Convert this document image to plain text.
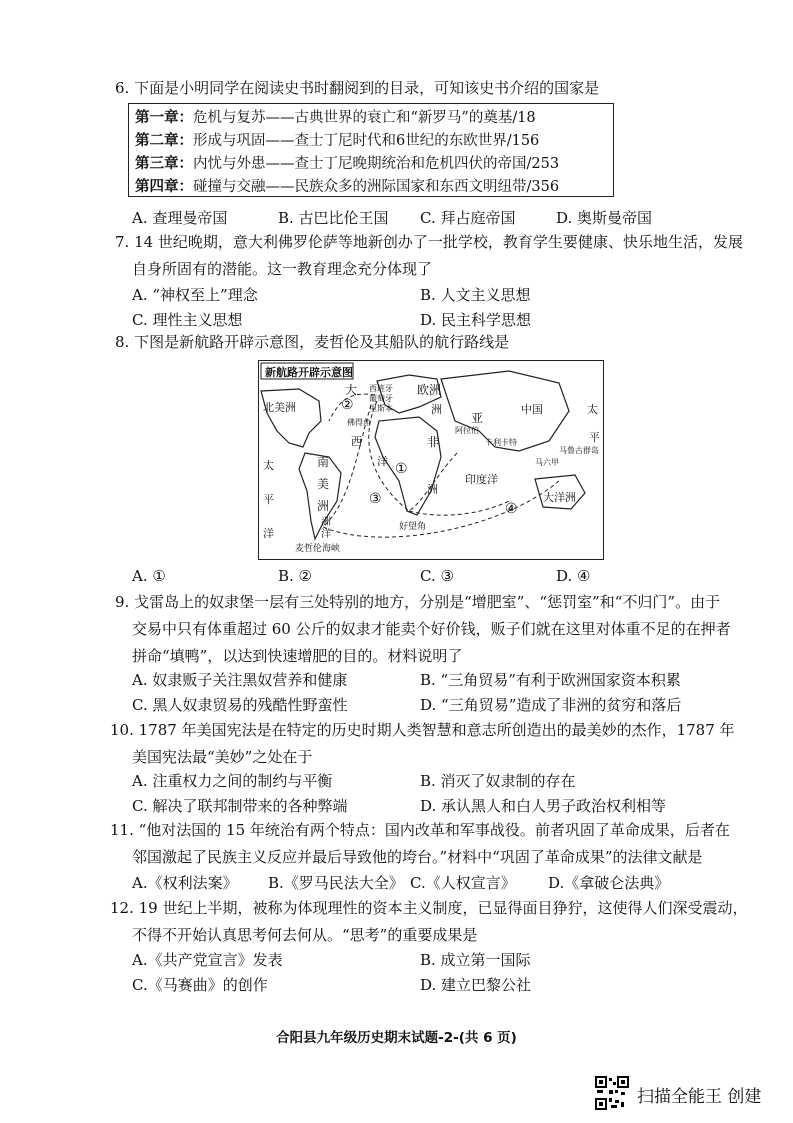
6. 下面是小明同学在阅读史书时翻阅到的目录，可知该史书介绍的国家是
第一章：危机与复苏——古典世界的衰亡和“新罗马”的奠基/18
第二章：形成与巩固——查士丁尼时代和6世纪的东欧世界/156
第三章：内忧与外患——查士丁尼晚期统治和危机四伏的帝国/253
第四章：碰撞与交融——民族众多的洲际国家和东西文明纽带/356
A. 查理曼帝国	B. 古巴比伦王国 C. 拜占庭帝国	D. 奥斯曼帝国
7. 14 世纪晚期，意大利佛罗伦萨等地新创办了一批学校，教育学生要健康、快乐地生活，发展
自身所固有的潜能。这一教育理念充分体现了
A. “神权至上”理念	B. 人文主义思想
C. 理性主义思想	D. 民主科学思想
8. 下图是新航路开辟示意图，麦哲伦及其船队的航行路线是
新航路开辟示意图
北美洲
大	欧洲
洲	中国	太
亚
西
洋
非	平
南
美
洲
洲
印度洋
大洋洲
太
平
洋	好望角
麦哲伦海峡
阿拉伯
卡利卡特
马六甲
马鲁古群岛
西班牙
葡萄牙
里斯本
佛得角
洲
洋
①
②
③
④
A. ①	B. ②	C. ③	D. ④
9. 戈雷岛上的奴隶堡一层有三处特别的地方，分别是“增肥室”、“惩罚室”和“不归门”。由于
交易中只有体重超过 60 公斤的奴隶才能卖个好价钱，贩子们就在这里对体重不足的在押者
拼命“填鸭”，以达到快速增肥的目的。材料说明了
A. 奴隶贩子关注黑奴营养和健康	B. “三角贸易”有利于欧洲国家资本积累
C. 黑人奴隶贸易的残酷性野蛮性	D. “三角贸易”造成了非洲的贫穷和落后
10. 1787 年美国宪法是在特定的历史时期人类智慧和意志所创造出的最美妙的杰作，1787 年
美国宪法最“美妙”之处在于
A. 注重权力之间的制约与平衡	B. 消灭了奴隶制的存在
C. 解决了联邦制带来的各种弊端	D. 承认黑人和白人男子政治权利相等
11. “他对法国的 15 年统治有两个特点：国内改革和军事战役。前者巩固了革命成果，后者在
邻国激起了民族主义反应并最后导致他的垮台。”材料中“巩固了革命成果”的法律文献是
A.《权利法案》 B.《罗马民法大全》 C.《人权宣言》 D.《拿破仑法典》
12. 19 世纪上半期，被称为体现理性的资本主义制度，已显得面目狰狞，这使得人们深受震动，
不得不开始认真思考何去何从。“思考”的重要成果是
A.《共产党宣言》发表	B. 成立第一国际
C.《马赛曲》的创作	D. 建立巴黎公社
合阳县九年级历史期末试题-2-(共 6 页)
扫描全能王 创建
